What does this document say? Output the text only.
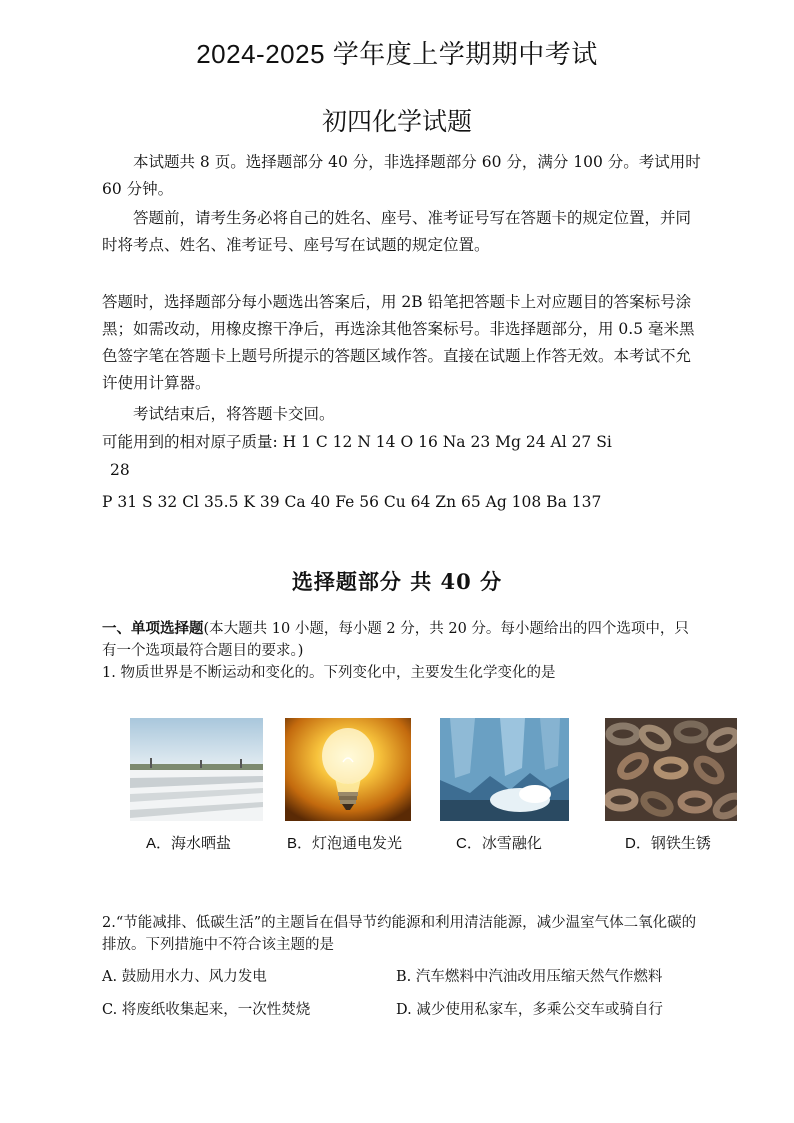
2024-2025 学年度上学期期中考试
初四化学试题
本试题共 8 页。选择题部分 40 分，非选择题部分 60 分，满分 100 分。考试用时 60 分钟。
答题前，请考生务必将自己的姓名、座号、准考证号写在答题卡的规定位置，并同时将考点、姓名、准考证号、座号写在试题的规定位置。
答题时，选择题部分每小题选出答案后，用 2B 铅笔把答题卡上对应题目的答案标号涂黑；如需改动，用橡皮擦干净后，再选涂其他答案标号。非选择题部分，用 0.5 毫米黑色签字笔在答题卡上题号所提示的答题区域作答。直接在试题上作答无效。本考试不允许使用计算器。
考试结束后，将答题卡交回。
可能用到的相对原子质量: H 1 C 12 N 14 O 16 Na 23 Mg 24 Al 27 Si
28
P 31 S 32 Cl 35.5 K 39 Ca 40 Fe 56 Cu 64 Zn 65 Ag 108 Ba 137
选择题部分 共 40 分
一、单项选择题(本大题共 10 小题，每小题 2 分，共 20 分。每小题给出的四个选项中，只有一个选项最符合题目的要求。)
1. 物质世界是不断运动和变化的。下列变化中，主要发生化学变化的是
A．海水晒盐	B．灯泡通电发光	C．冰雪融化	D．钢铁生锈
2.“节能减排、低碳生活”的主题旨在倡导节约能源和利用清洁能源，减少温室气体二氧化碳的排放。下列措施中不符合该主题的是
A. 鼓励用水力、风力发电	B. 汽车燃料中汽油改用压缩天然气作燃料
C. 将废纸收集起来，一次性焚烧	D. 减少使用私家车，多乘公交车或骑自行
